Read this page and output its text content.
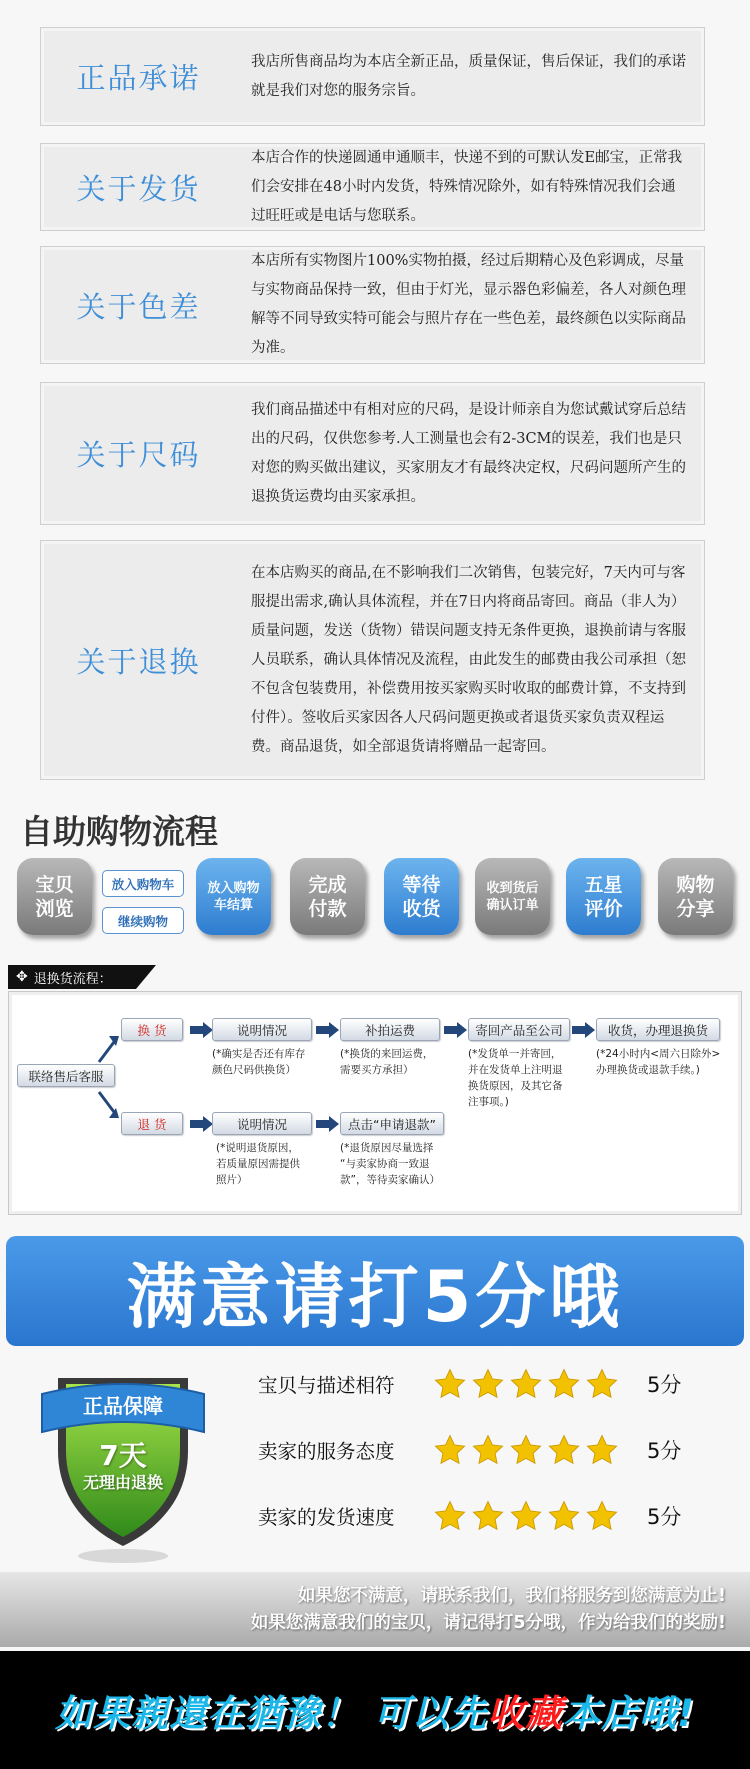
正品承诺	我店所售商品均为本店全新正品，质量保证，售后保证，我们的承诺就是我们对您的服务宗旨。
关于发货
本店合作的快递圆通申通顺丰，快递不到的可默认发E邮宝，正常我们会安排在48小时内发货，特殊情况除外，如有特殊情况我们会通过旺旺或是电话与您联系。
关于色差
本店所有实物图片100%实物拍摄，经过后期精心及色彩调成，尽量与实物商品保持一致，但由于灯光，显示器色彩偏差，各人对颜色理解等不同导致实特可能会与照片存在一些色差，最终颜色以实际商品为准。
关于尺码
我们商品描述中有相对应的尺码，是设计师亲自为您试戴试穿后总结出的尺码，仅供您参考.人工测量也会有2-3CM的误差，我们也是只对您的购买做出建议，买家朋友才有最终决定权，尺码问题所产生的退换货运费均由买家承担。
关于退换
在本店购买的商品,在不影响我们二次销售，包装完好，7天内可与客服提出需求,确认具体流程，并在7日内将商品寄回。商品（非人为）质量问题，发送（货物）错误问题支持无条件更换，退换前请与客服人员联系，确认具体情况及流程，由此发生的邮费由我公司承担（恕不包含包装费用，补偿费用按买家购买时收取的邮费计算，不支持到付件）。签收后买家因各人尺码问题更换或者退货买家负责双程运费。商品退货，如全部退货请将赠品一起寄回。
自助购物流程
宝贝
浏览
放入购物车
继续购物
放入购物
车结算
完成
付款
等待
收货
收到货后
确认订单
五星
评价
购物
分享
✥ 退换货流程：
联络售后客服
换 货	说明情况	补拍运费	寄回产品至公司	收货，办理退换货
(*确实是否还有库存
颜色尺码供换货）
(*换货的来回运费，
需要买方承担）
(*发货单一并寄回，
并在发货单上注明退
换货原因，及其它备
注事项。)
(*24小时内<周六日除外>
办理换货或退款手续。)
退 货	说明情况	点击“申请退款”
(*说明退货原因，
若质量原因需提供
照片）
(*退货原因尽量选择
“与卖家协商一致退
款”，等待卖家确认）
满意请打5分哦
正品保障
7天
无理由退换
宝贝与描述相符	5分
卖家的服务态度	5分
卖家的发货速度	5分
如果您不满意，请联系我们，我们将服务到您满意为止!
如果您满意我们的宝贝，请记得打5分哦，作为给我们的奖励!
如果親還在猶豫！ 可以先收藏本店哦!
